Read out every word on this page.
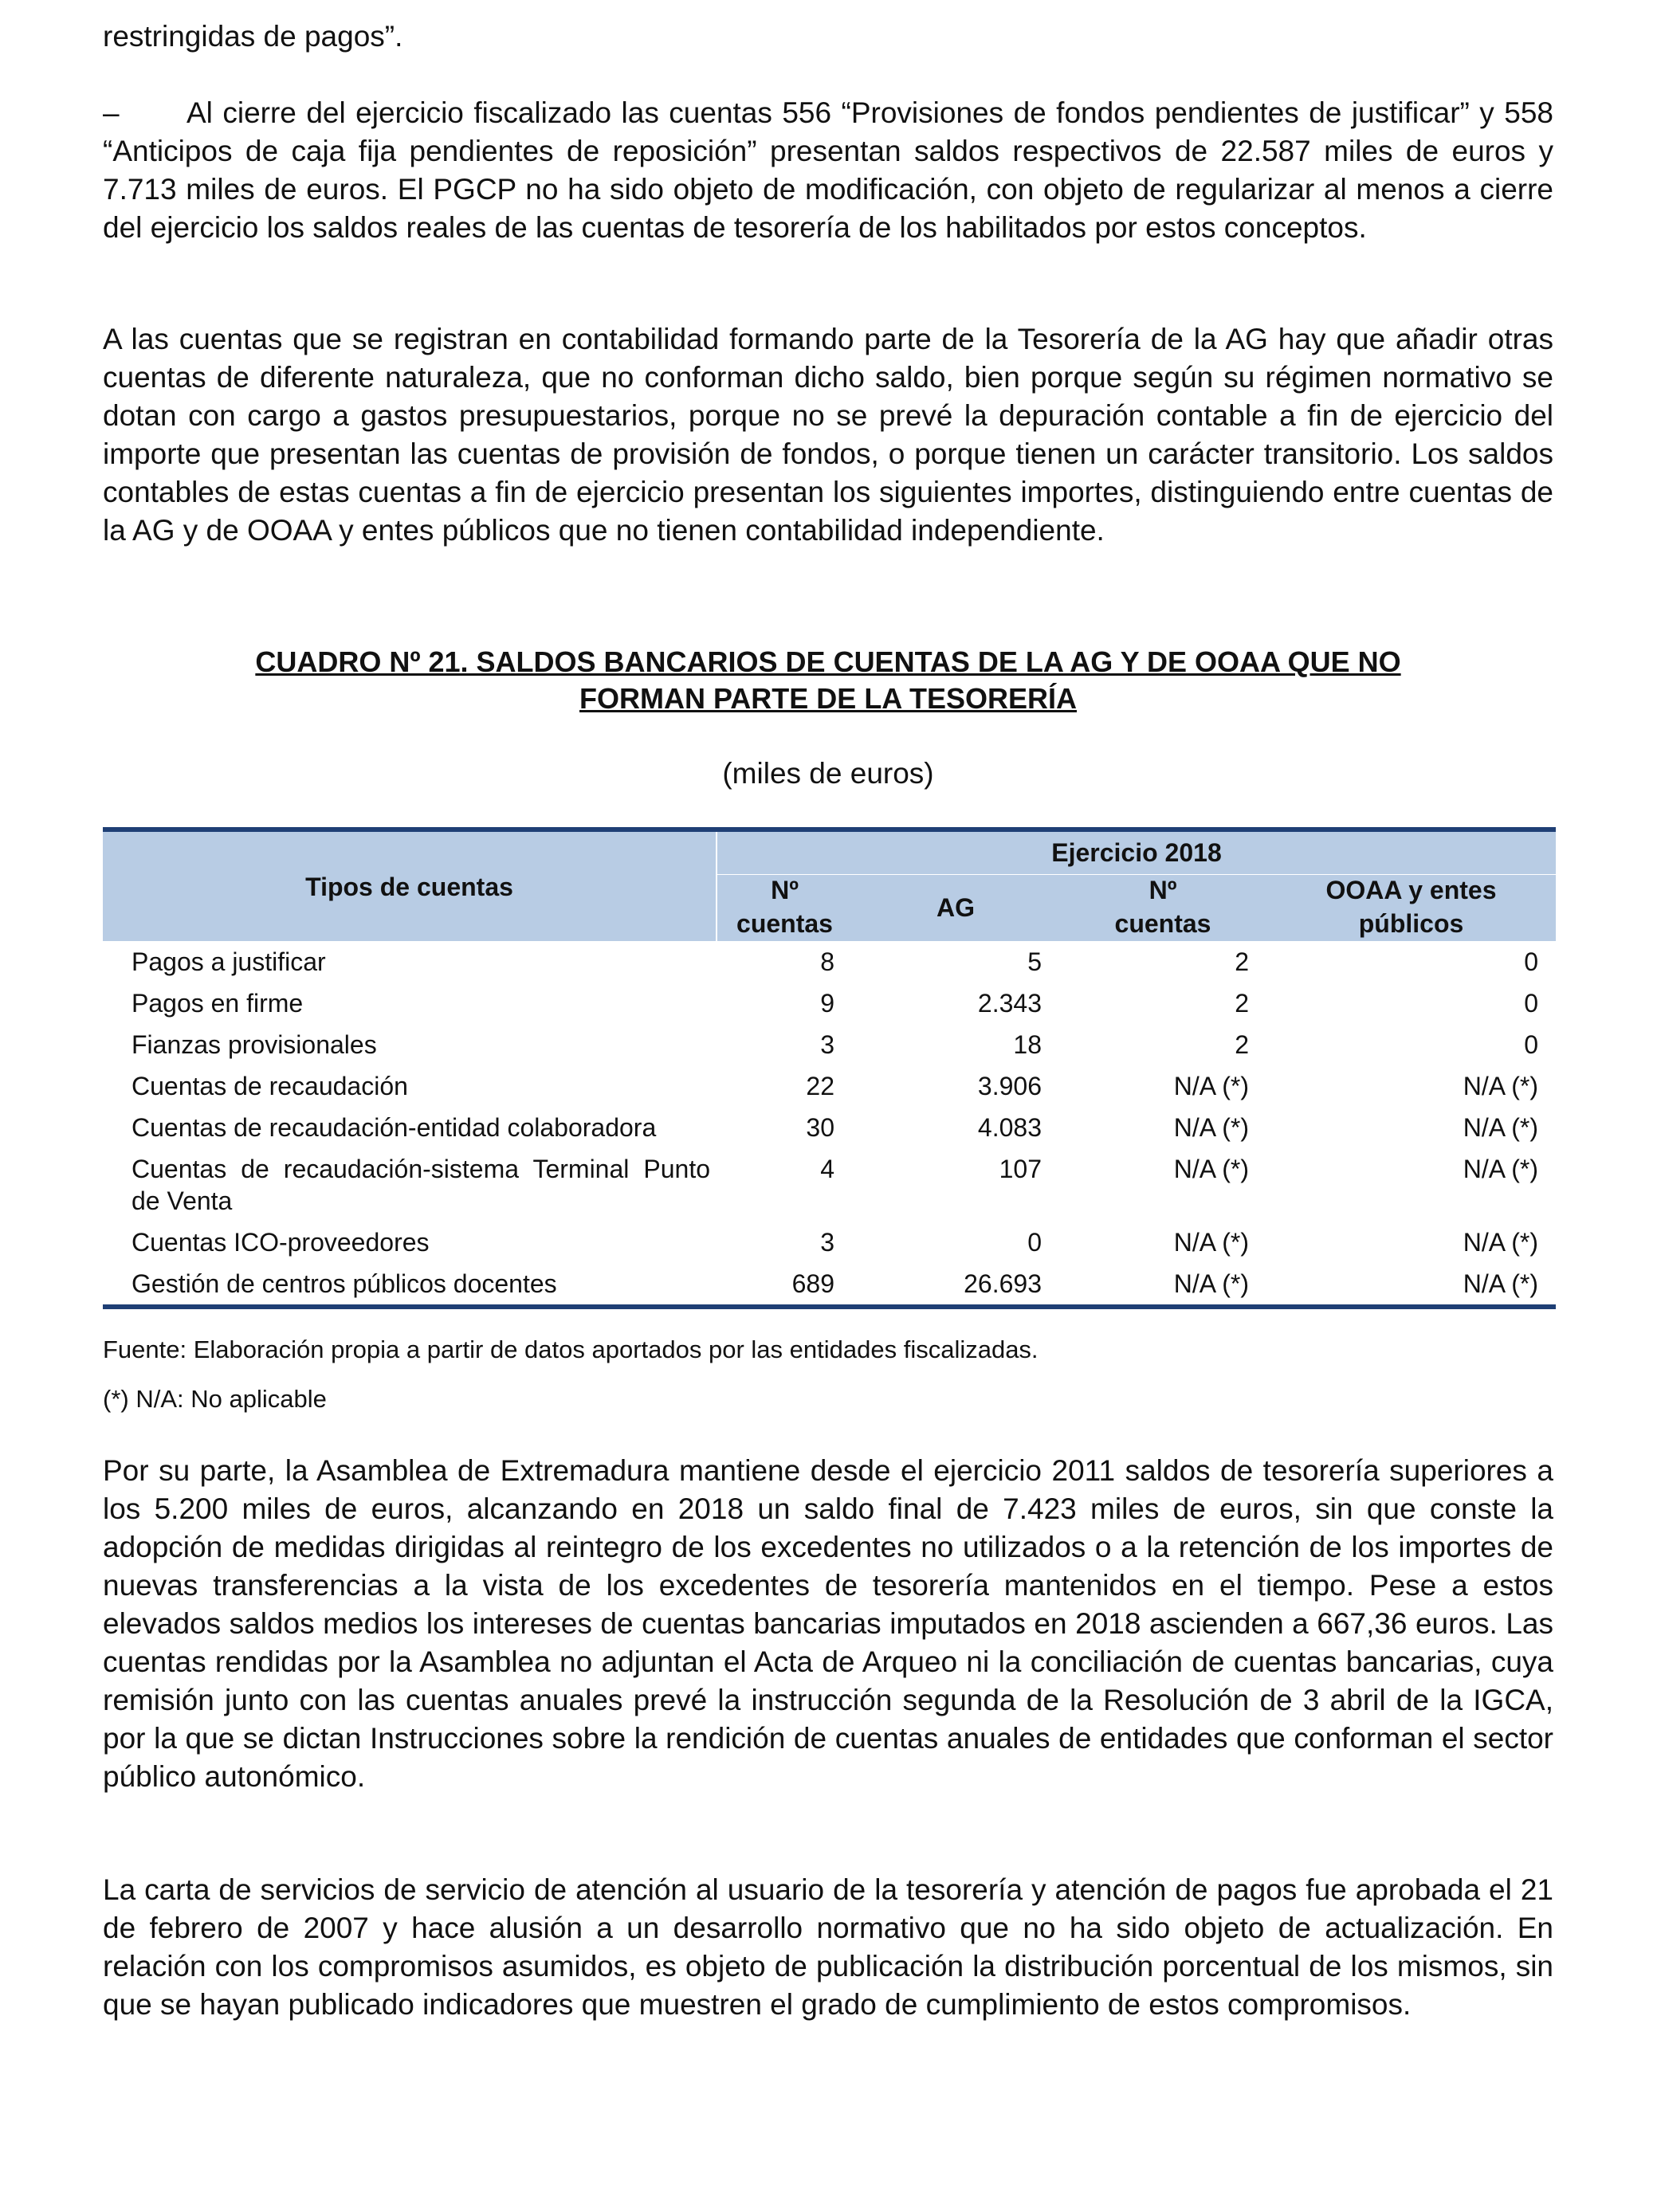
restringidas de pagos”.

– Al cierre del ejercicio fiscalizado las cuentas 556 “Provisiones de fondos pendientes de justificar” y 558 “Anticipos de caja fija pendientes de reposición” presentan saldos respectivos de 22.587 miles de euros y 7.713 miles de euros. El PGCP no ha sido objeto de modificación, con objeto de regularizar al menos a cierre del ejercicio los saldos reales de las cuentas de tesorería de los habilitados por estos conceptos.

A las cuentas que se registran en contabilidad formando parte de la Tesorería de la AG hay que añadir otras cuentas de diferente naturaleza, que no conforman dicho saldo, bien porque según su régimen normativo se dotan con cargo a gastos presupuestarios, porque no se prevé la depuración contable a fin de ejercicio del importe que presentan las cuentas de provisión de fondos, o porque tienen un carácter transitorio. Los saldos contables de estas cuentas a fin de ejercicio presentan los siguientes importes, distinguiendo entre cuentas de la AG y de OOAA y entes públicos que no tienen contabilidad independiente.

CUADRO Nº 21. SALDOS BANCARIOS DE CUENTAS DE LA AG Y DE OOAA QUE NO

FORMAN PARTE DE LA TESORERÍA

(miles de euros)

Tipos de cuentas	Ejercicio 2018			
	Nº	AG	Nº	OOAA y entes
	cuentas		cuentas	públicos
Pagos a justificar	8	5	2	0
Pagos en firme	9	2.343	2	0
Fianzas provisionales	3	18	2	0
Cuentas de recaudación	22	3.906	N/A (*)	N/A (*)
Cuentas de recaudación-entidad colaboradora	30	4.083	N/A (*)	N/A (*)
Cuentas de recaudación-sistema Terminal Punto de Venta	4	107	N/A (*)	N/A (*)
Cuentas ICO-proveedores	3	0	N/A (*)	N/A (*)
Gestión de centros públicos docentes	689	26.693	N/A (*)	N/A (*)

Fuente: Elaboración propia a partir de datos aportados por las entidades fiscalizadas.

(*) N/A: No aplicable

Por su parte, la Asamblea de Extremadura mantiene desde el ejercicio 2011 saldos de tesorería superiores a los 5.200 miles de euros, alcanzando en 2018 un saldo final de 7.423 miles de euros, sin que conste la adopción de medidas dirigidas al reintegro de los excedentes no utilizados o a la retención de los importes de nuevas transferencias a la vista de los excedentes de tesorería mantenidos en el tiempo. Pese a estos elevados saldos medios los intereses de cuentas bancarias imputados en 2018 ascienden a 667,36 euros. Las cuentas rendidas por la Asamblea no adjuntan el Acta de Arqueo ni la conciliación de cuentas bancarias, cuya remisión junto con las cuentas anuales prevé la instrucción segunda de la Resolución de 3 abril de la IGCA, por la que se dictan Instrucciones sobre la rendición de cuentas anuales de entidades que conforman el sector público autonómico.

La carta de servicios de servicio de atención al usuario de la tesorería y atención de pagos fue aprobada el 21 de febrero de 2007 y hace alusión a un desarrollo normativo que no ha sido objeto de actualización. En relación con los compromisos asumidos, es objeto de publicación la distribución porcentual de los mismos, sin que se hayan publicado indicadores que muestren el grado de cumplimiento de estos compromisos.
